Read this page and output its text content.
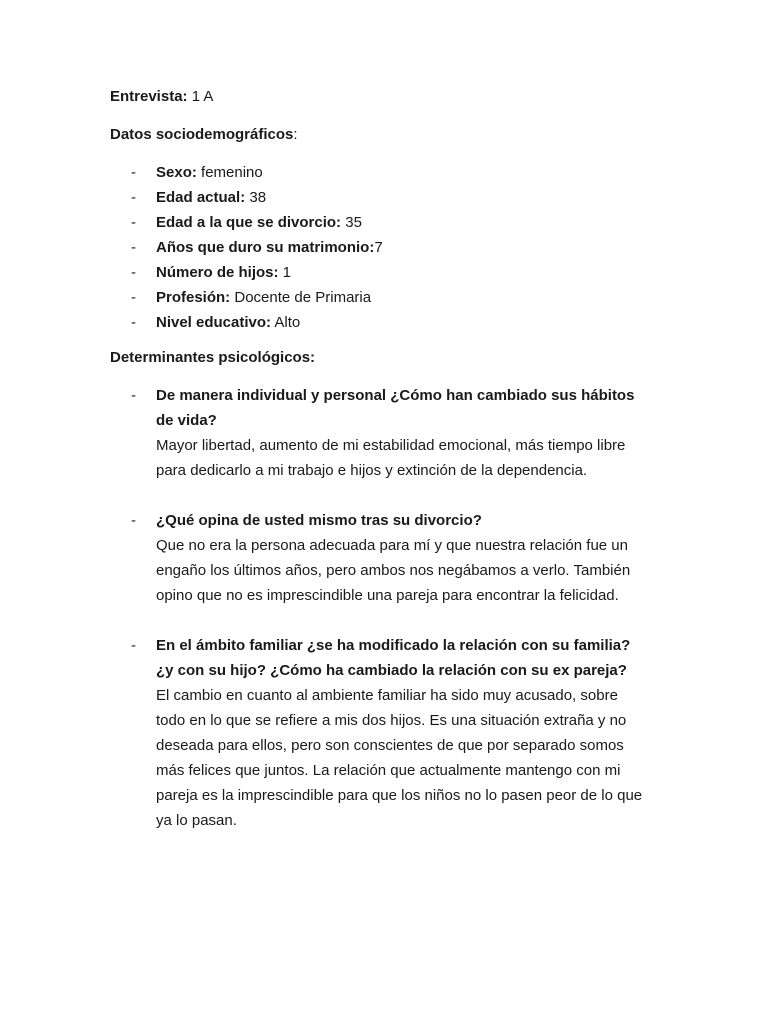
Entrevista: 1 A

Datos sociodemográficos:

- Sexo: femenino
- Edad actual: 38
- Edad a la que se divorcio: 35
- Años que duro su matrimonio:7
- Número de hijos: 1
- Profesión: Docente de Primaria
- Nivel educativo: Alto

Determinantes psicológicos:

- De manera individual y personal ¿Cómo han cambiado sus hábitos
de vida?
Mayor libertad, aumento de mi estabilidad emocional, más tiempo libre
para dedicarlo a mi trabajo e hijos y extinción de la dependencia.
- ¿Qué opina de usted mismo tras su divorcio?
Que no era la persona adecuada para mí y que nuestra relación fue un
engaño los últimos años, pero ambos nos negábamos a verlo. También
opino que no es imprescindible una pareja para encontrar la felicidad.
- En el ámbito familiar ¿se ha modificado la relación con su familia?
¿y con su hijo? ¿Cómo ha cambiado la relación con su ex pareja?
El cambio en cuanto al ambiente familiar ha sido muy acusado, sobre
todo en lo que se refiere a mis dos hijos. Es una situación extraña y no
deseada para ellos, pero son conscientes de que por separado somos
más felices que juntos. La relación que actualmente mantengo con mi
pareja es la imprescindible para que los niños no lo pasen peor de lo que
ya lo pasan.
